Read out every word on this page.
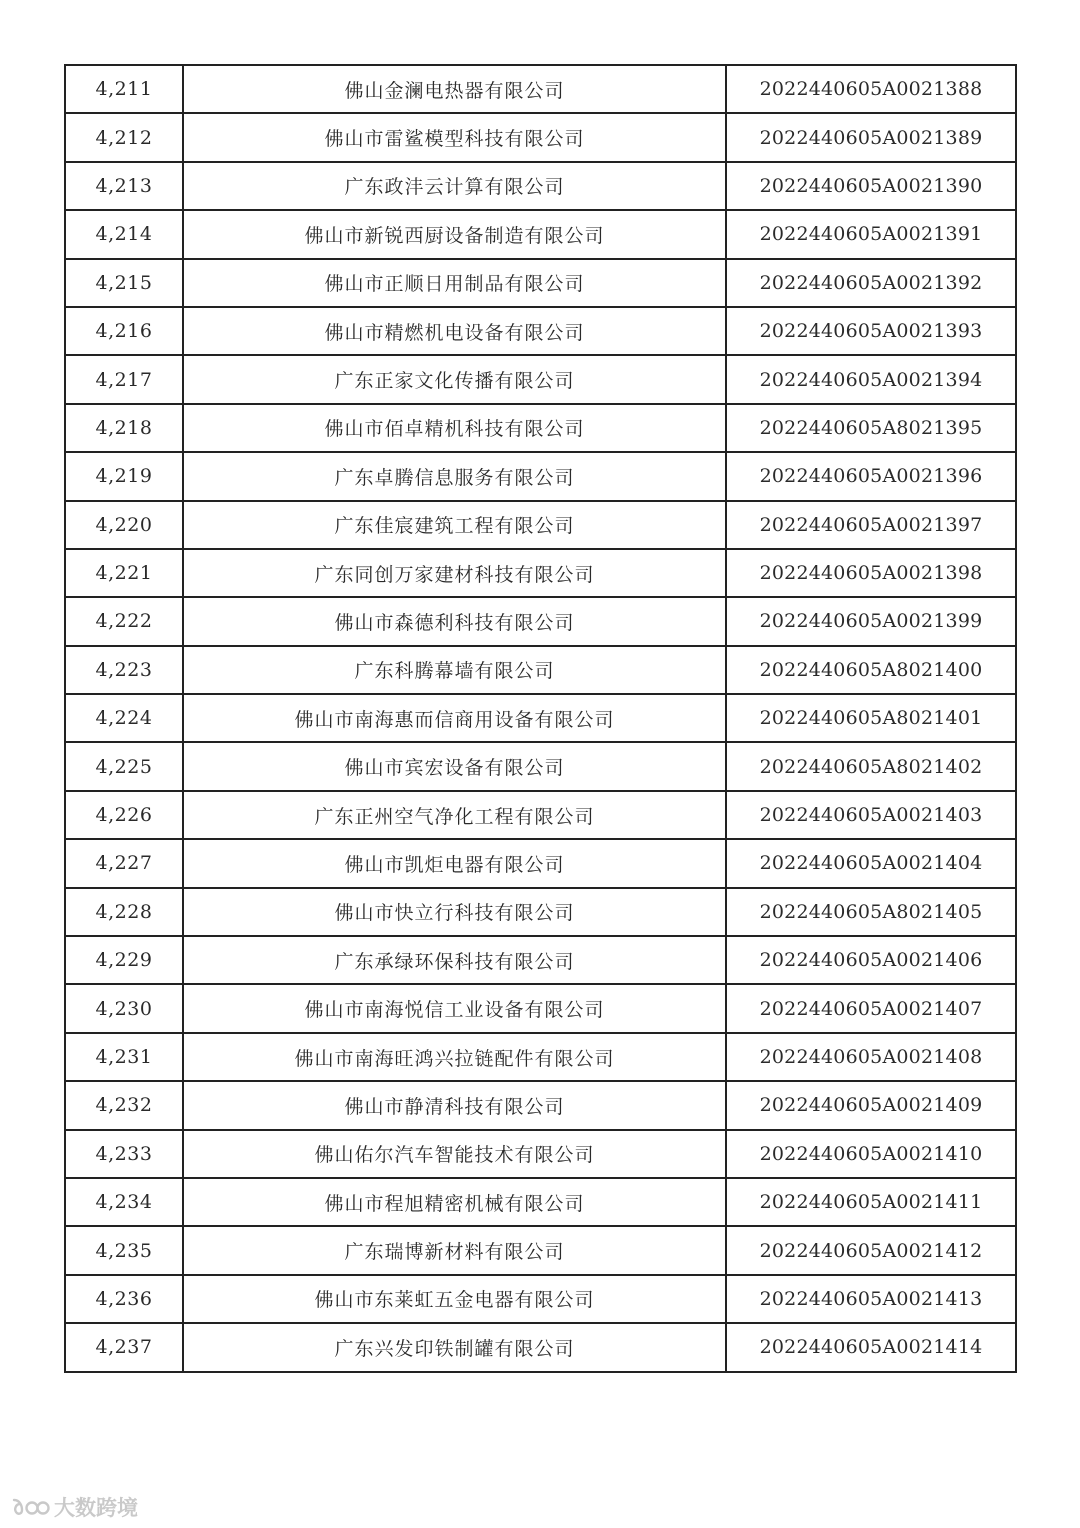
4,211	佛山金澜电热器有限公司	2022440605A0021388
4,212	佛山市雷鲨模型科技有限公司	2022440605A0021389
4,213	广东政沣云计算有限公司	2022440605A0021390
4,214	佛山市新锐西厨设备制造有限公司	2022440605A0021391
4,215	佛山市正顺日用制品有限公司	2022440605A0021392
4,216	佛山市精燃机电设备有限公司	2022440605A0021393
4,217	广东正家文化传播有限公司	2022440605A0021394
4,218	佛山市佰卓精机科技有限公司	2022440605A8021395
4,219	广东卓腾信息服务有限公司	2022440605A0021396
4,220	广东佳宸建筑工程有限公司	2022440605A0021397
4,221	广东同创万家建材科技有限公司	2022440605A0021398
4,222	佛山市森德利科技有限公司	2022440605A0021399
4,223	广东科腾幕墙有限公司	2022440605A8021400
4,224	佛山市南海惠而信商用设备有限公司	2022440605A8021401
4,225	佛山市宾宏设备有限公司	2022440605A8021402
4,226	广东正州空气净化工程有限公司	2022440605A0021403
4,227	佛山市凯炬电器有限公司	2022440605A0021404
4,228	佛山市快立行科技有限公司	2022440605A8021405
4,229	广东承绿环保科技有限公司	2022440605A0021406
4,230	佛山市南海悦信工业设备有限公司	2022440605A0021407
4,231	佛山市南海旺鸿兴拉链配件有限公司	2022440605A0021408
4,232	佛山市静清科技有限公司	2022440605A0021409
4,233	佛山佑尔汽车智能技术有限公司	2022440605A0021410
4,234	佛山市程旭精密机械有限公司	2022440605A0021411
4,235	广东瑞博新材料有限公司	2022440605A0021412
4,236	佛山市东莱虹五金电器有限公司	2022440605A0021413
4,237	广东兴发印铁制罐有限公司	2022440605A0021414
大数跨境
